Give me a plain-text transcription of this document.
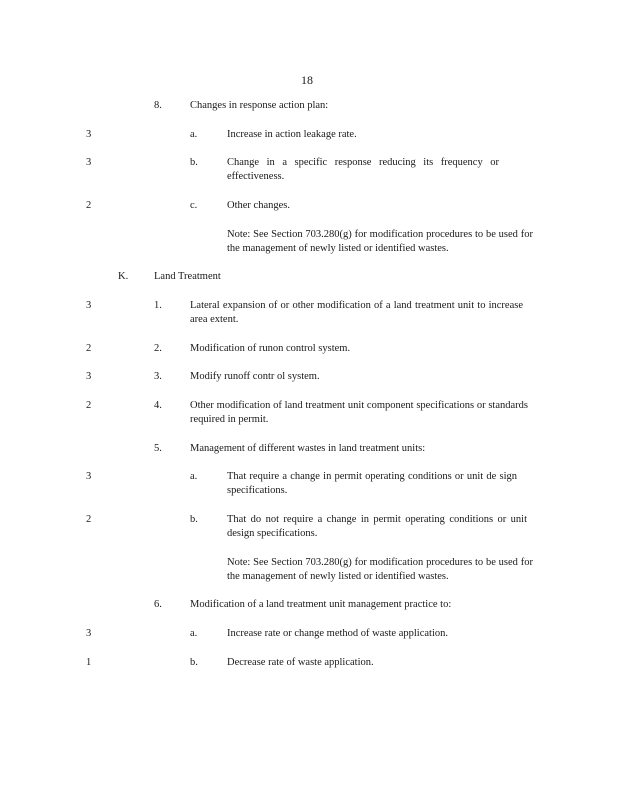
18
8.	Changes in response action plan:
3	a.	Increase in action leakage rate.
3	b.	Change in a specific response reducing its frequency or effectiveness.
2	c.	Other changes.
Note: See Section 703.280(g) for modification procedures to be used for the management of newly listed or identified wastes.
K. Land Treatment
3	1.	Lateral expansion of or other modification of a land treatment unit to increase area extent.
2	2.	Modification of runon control system.
3	3.	Modify runoff contr ol system.
2	4.	Other modification of land treatment unit component specifications or standards required in permit.
5.	Management of different wastes in land treatment units:
3	a.	That require a change in permit operating conditions or unit de sign specifications.
2	b.	That do not require a change in permit operating conditions or unit design specifications.
Note: See Section 703.280(g) for modification procedures to be used for the management of newly listed or identified wastes.
6.	Modification of a land treatment unit management practice to:
3	a.	Increase rate or change method of waste application.
1	b.	Decrease rate of waste application.
